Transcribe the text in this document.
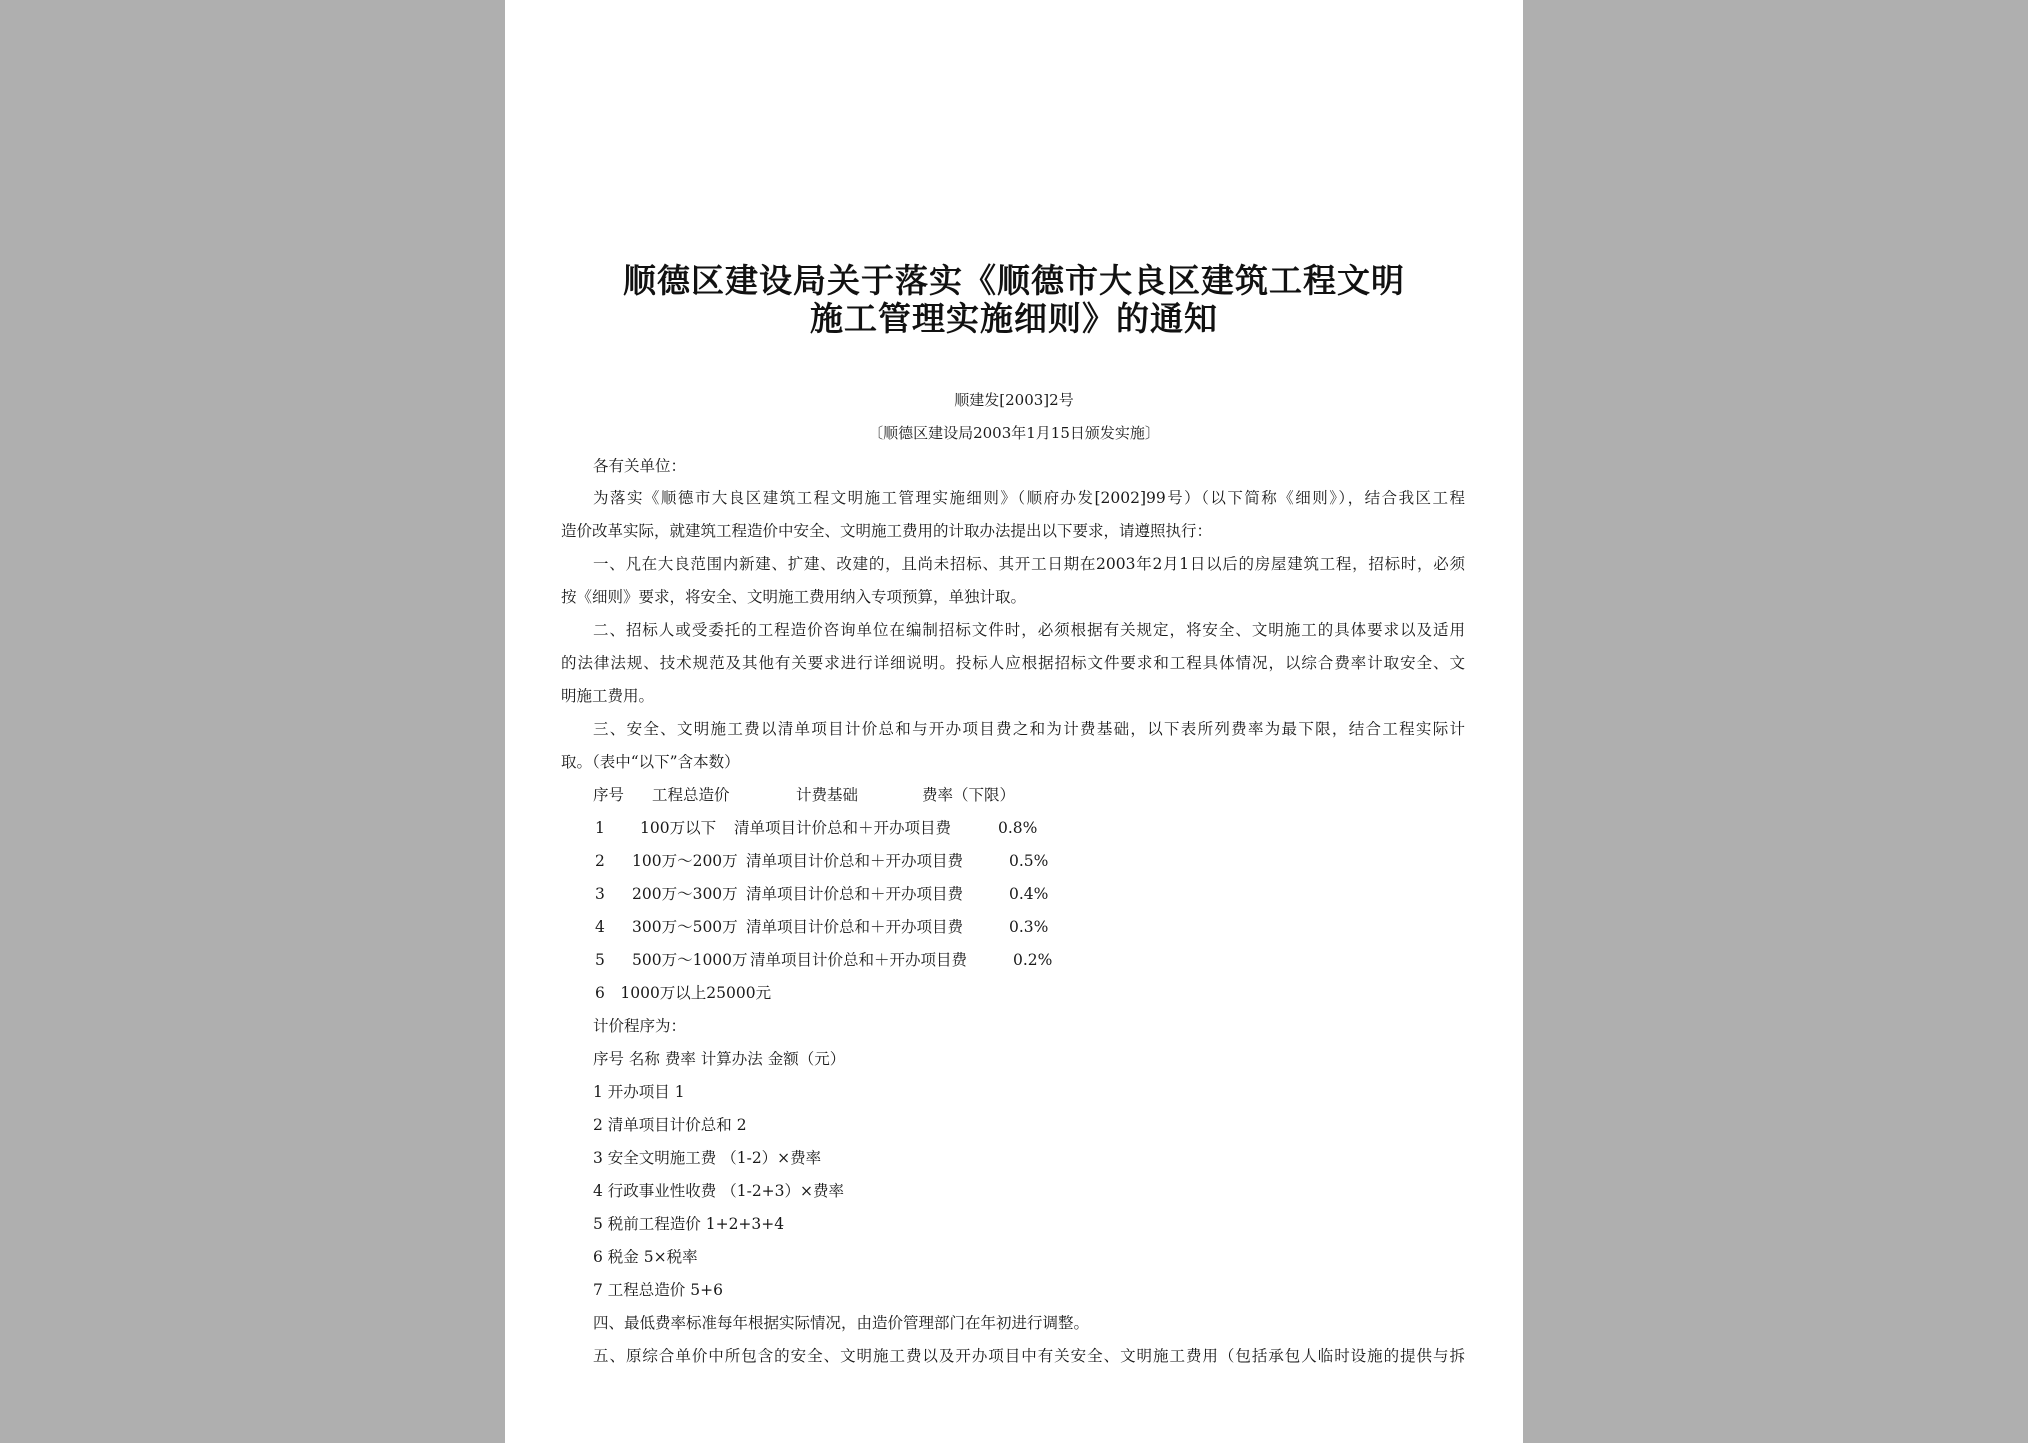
顺德区建设局关于落实《顺德市大良区建筑工程文明
施工管理实施细则》的通知
顺建发[2003]2号
〔顺德区建设局2003年1月15日颁发实施〕
各有关单位：
为落实《顺德市大良区建筑工程文明施工管理实施细则》（顺府办发[2002]99号）（以下简称《细则》），结合我区工程
造价改革实际，就建筑工程造价中安全、文明施工费用的计取办法提出以下要求，请遵照执行：
一、凡在大良范围内新建、扩建、改建的，且尚未招标、其开工日期在2003年2月1日以后的房屋建筑工程，招标时，必须
按《细则》要求，将安全、文明施工费用纳入专项预算，单独计取。
二、招标人或受委托的工程造价咨询单位在编制招标文件时，必须根据有关规定，将安全、文明施工的具体要求以及适用
的法律法规、技术规范及其他有关要求进行详细说明。投标人应根据招标文件要求和工程具体情况，以综合费率计取安全、文
明施工费用。
三、安全、文明施工费以清单项目计价总和与开办项目费之和为计费基础，以下表所列费率为最下限，结合工程实际计
取。（表中“以下”含本数）
序号 工程总造价	计费基础	费率（下限）
1 100万以下 清单项目计价总和＋开办项目费	0.8%
2 100万～200万 清单项目计价总和＋开办项目费	0.5%
3 200万～300万 清单项目计价总和＋开办项目费	0.4%
4 300万～500万 清单项目计价总和＋开办项目费	0.3%
5 500万～1000万 清单项目计价总和＋开办项目费	0.2%
6　1000万以上25000元
计价程序为：
序号 名称 费率 计算办法 金额（元）
1 开办项目 1
2 清单项目计价总和 2
3 安全文明施工费 （1-2）×费率
4 行政事业性收费 （1-2+3）×费率
5 税前工程造价 1+2+3+4
6 税金 5×税率
7 工程总造价 5+6
四、最低费率标准每年根据实际情况，由造价管理部门在年初进行调整。
五、原综合单价中所包含的安全、文明施工费以及开办项目中有关安全、文明施工费用（包括承包人临时设施的提供与拆
